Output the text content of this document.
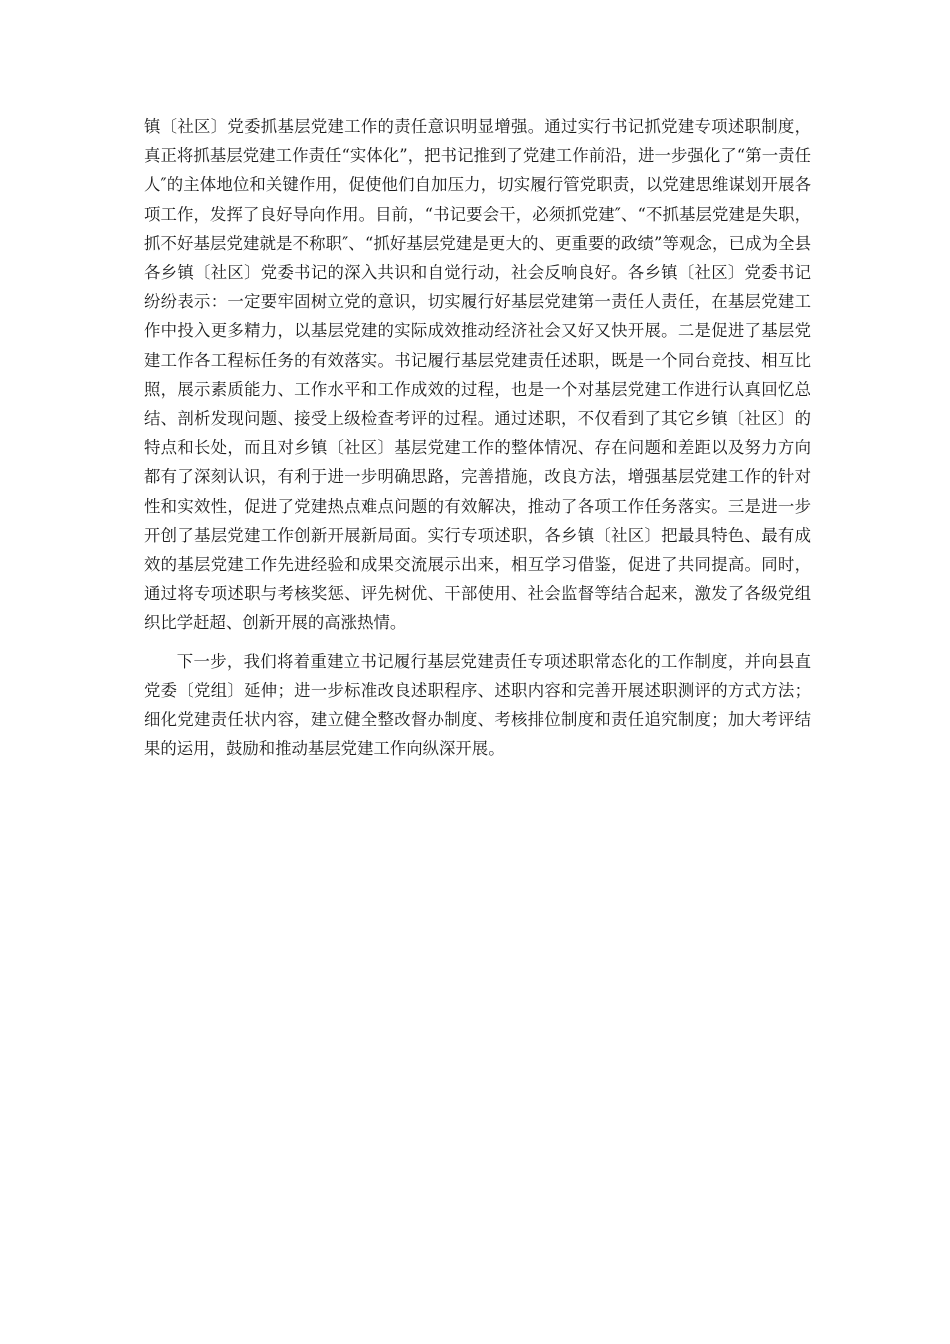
镇〔社区〕党委抓基层党建工作的责任意识明显增强。通过实行书记抓党建专项述职制度，真正将抓基层党建工作责任“实体化”，把书记推到了党建工作前沿，进一步强化了“第一责任人″的主体地位和关键作用，促使他们自加压力，切实履行管党职责，以党建思维谋划开展各项工作，发挥了良好导向作用。目前，“书记要会干，必须抓党建″、“不抓基层党建是失职，抓不好基层党建就是不称职″、“抓好基层党建是更大的、更重要的政绩”等观念，已成为全县各乡镇〔社区〕党委书记的深入共识和自觉行动，社会反响良好。各乡镇〔社区〕党委书记纷纷表示：一定要牢固树立党的意识，切实履行好基层党建第一责任人责任，在基层党建工作中投入更多精力，以基层党建的实际成效推动经济社会又好又快开展。二是促进了基层党建工作各工程标任务的有效落实。书记履行基层党建责任述职，既是一个同台竞技、相互比照，展示素质能力、工作水平和工作成效的过程，也是一个对基层党建工作进行认真回忆总结、剖析发现问题、接受上级检查考评的过程。通过述职，不仅看到了其它乡镇〔社区〕的特点和长处，而且对乡镇〔社区〕基层党建工作的整体情况、存在问题和差距以及努力方向都有了深刻认识，有利于进一步明确思路，完善措施，改良方法，增强基层党建工作的针对性和实效性，促进了党建热点难点问题的有效解决，推动了各项工作任务落实。三是进一步开创了基层党建工作创新开展新局面。实行专项述职，各乡镇〔社区〕把最具特色、最有成效的基层党建工作先进经验和成果交流展示出来，相互学习借鉴，促进了共同提高。同时，通过将专项述职与考核奖惩、评先树优、干部使用、社会监督等结合起来，激发了各级党组织比学赶超、创新开展的高涨热情。

下一步，我们将着重建立书记履行基层党建责任专项述职常态化的工作制度，并向县直党委〔党组〕延伸；进一步标准改良述职程序、述职内容和完善开展述职测评的方式方法；细化党建责任状内容，建立健全整改督办制度、考核排位制度和责任追究制度；加大考评结果的运用，鼓励和推动基层党建工作向纵深开展。
